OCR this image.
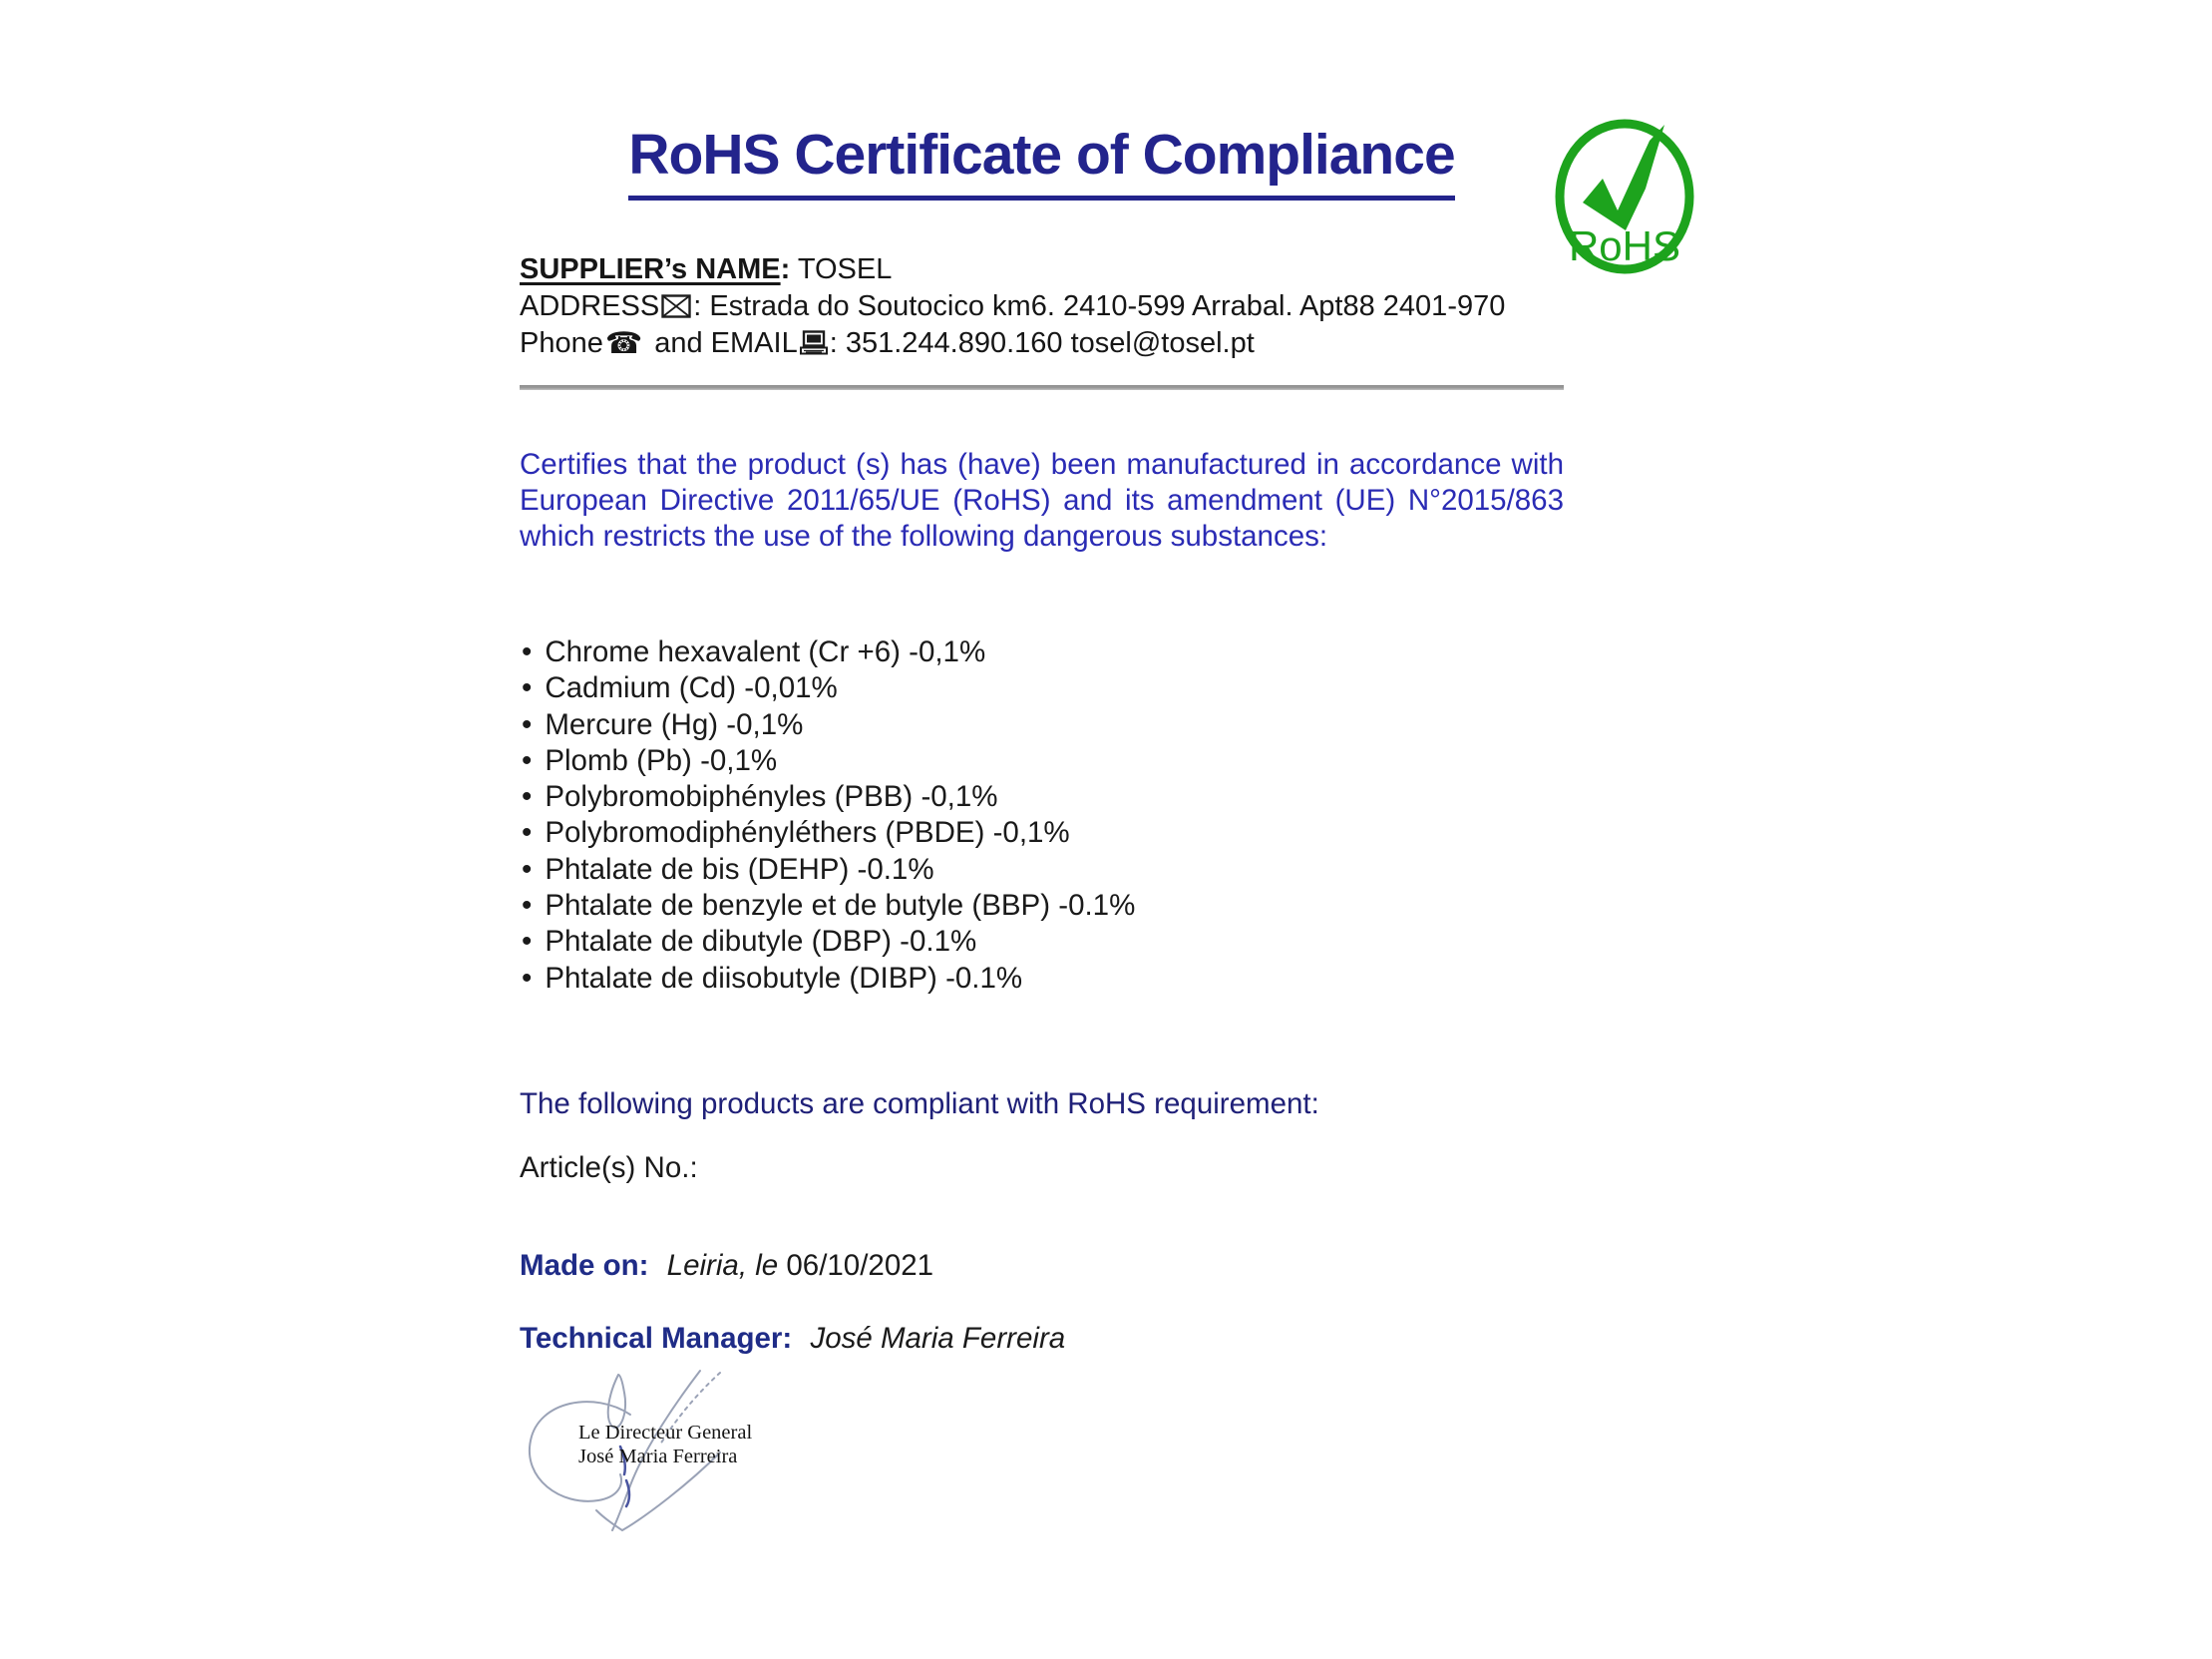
RoHS Certificate of Compliance
RoHS
SUPPLIER’s NAME: TOSEL
ADDRESS : Estrada do Soutocico km6. 2410-599 Arrabal. Apt88 2401-970
Phone☎ and EMAIL : 351.244.890.160 tosel@tosel.pt
Certifies that the product (s) has (have) been manufactured in accordance with European Directive 2011/65/UE (RoHS) and its amendment (UE) N°2015/863 which restricts the use of the following dangerous substances:
• Chrome hexavalent (Cr +6) -0,1%
• Cadmium (Cd) -0,01%
• Mercure (Hg) -0,1%
• Plomb (Pb) -0,1%
• Polybromobiphényles (PBB) -0,1%
• Polybromodiphényléthers (PBDE) -0,1%
• Phtalate de bis (DEHP) -0.1%
• Phtalate de benzyle et de butyle (BBP) -0.1%
• Phtalate de dibutyle (DBP) -0.1%
• Phtalate de diisobutyle (DIBP) -0.1%
The following products are compliant with RoHS requirement:
Article(s) No.:
Made on: Leiria, le 06/10/2021
Technical Manager: José Maria Ferreira
Le Directeur General
José Maria Ferreira
